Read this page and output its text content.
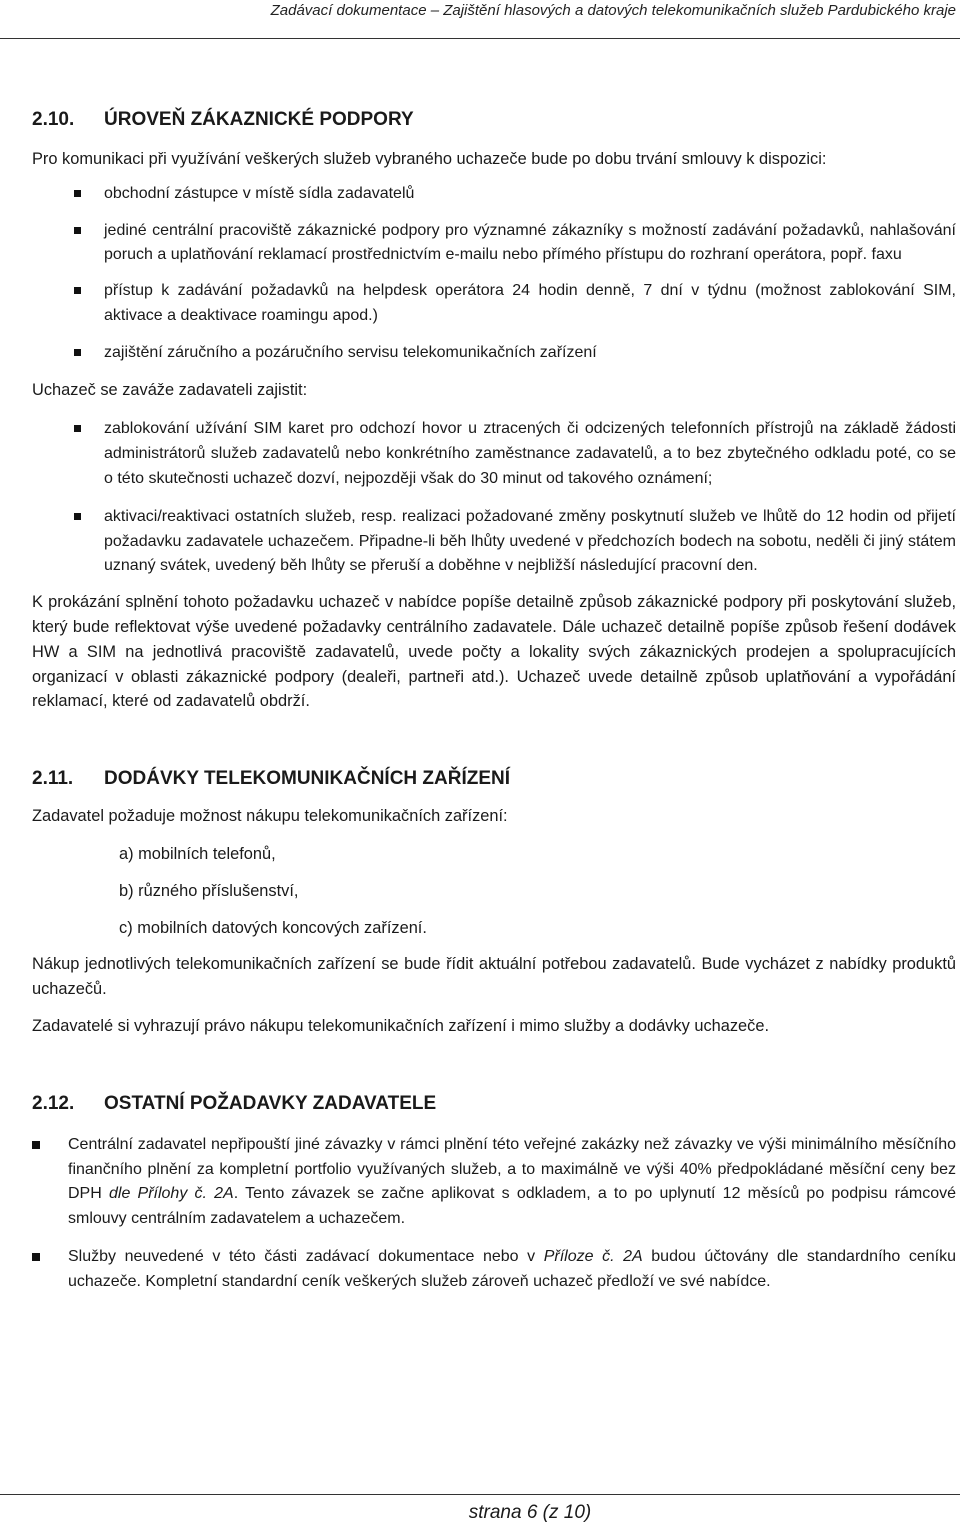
Zadávací dokumentace – Zajištění hlasových a datových telekomunikačních služeb Pardubického kraje
2.10. ÚROVEŇ ZÁKAZNICKÉ PODPORY

Pro komunikaci při využívání veškerých služeb vybraného uchazeče bude po dobu trvání smlouvy k dispozici:

obchodní zástupce v místě sídla zadavatelů
jediné centrální pracoviště zákaznické podpory pro významné zákazníky s možností zadávání požadavků, nahlašování poruch a uplatňování reklamací prostřednictvím e-mailu nebo přímého přístupu do rozhraní operátora, popř. faxu
přístup k zadávání požadavků na helpdesk operátora 24 hodin denně, 7 dní v týdnu (možnost zablokování SIM, aktivace a deaktivace roamingu apod.)
zajištění záručního a pozáručního servisu telekomunikačních zařízení

Uchazeč se zaváže zadavateli zajistit:

zablokování užívání SIM karet pro odchozí hovor u ztracených či odcizených telefonních přístrojů na základě žádosti administrátorů služeb zadavatelů nebo konkrétního zaměstnance zadavatelů, a to bez zbytečného odkladu poté, co se o této skutečnosti uchazeč dozví, nejpozději však do 30 minut od takového oznámení;
aktivaci/reaktivaci ostatních služeb, resp. realizaci požadované změny poskytnutí služeb ve lhůtě do 12 hodin od přijetí požadavku zadavatele uchazečem. Připadne-li běh lhůty uvedené v předchozích bodech na sobotu, neděli či jiný státem uznaný svátek, uvedený běh lhůty se přeruší a doběhne v nejbližší následující pracovní den.

K prokázání splnění tohoto požadavku uchazeč v nabídce popíše detailně způsob zákaznické podpory při poskytování služeb, který bude reflektovat výše uvedené požadavky centrálního zadavatele. Dále uchazeč detailně popíše způsob řešení dodávek HW a SIM na jednotlivá pracoviště zadavatelů, uvede počty a lokality svých zákaznických prodejen a spolupracujících organizací v oblasti zákaznické podpory (dealeři, partneři atd.). Uchazeč uvede detailně způsob uplatňování a vypořádání reklamací, které od zadavatelů obdrží.

2.11. DODÁVKY TELEKOMUNIKAČNÍCH ZAŘÍZENÍ

Zadavatel požaduje možnost nákupu telekomunikačních zařízení:

a) mobilních telefonů,
b) různého příslušenství,
c) mobilních datových koncových zařízení.

Nákup jednotlivých telekomunikačních zařízení se bude řídit aktuální potřebou zadavatelů. Bude vycházet z nabídky produktů uchazečů.

Zadavatelé si vyhrazují právo nákupu telekomunikačních zařízení i mimo služby a dodávky uchazeče.

2.12. OSTATNÍ POŽADAVKY ZADAVATELE
Centrální zadavatel nepřipouští jiné závazky v rámci plnění této veřejné zakázky než závazky ve výši minimálního měsíčního finančního plnění za kompletní portfolio využívaných služeb, a to maximálně ve výši 40% předpokládané měsíční ceny bez DPH dle Přílohy č. 2A. Tento závazek se začne aplikovat s odkladem, a to po uplynutí 12 měsíců po podpisu rámcové smlouvy centrálním zadavatelem a uchazečem.
Služby neuvedené v této části zadávací dokumentace nebo v Příloze č. 2A budou účtovány dle standardního ceníku uchazeče. Kompletní standardní ceník veškerých služeb zároveň uchazeč předloží ve své nabídce.
strana 6 (z 10)
